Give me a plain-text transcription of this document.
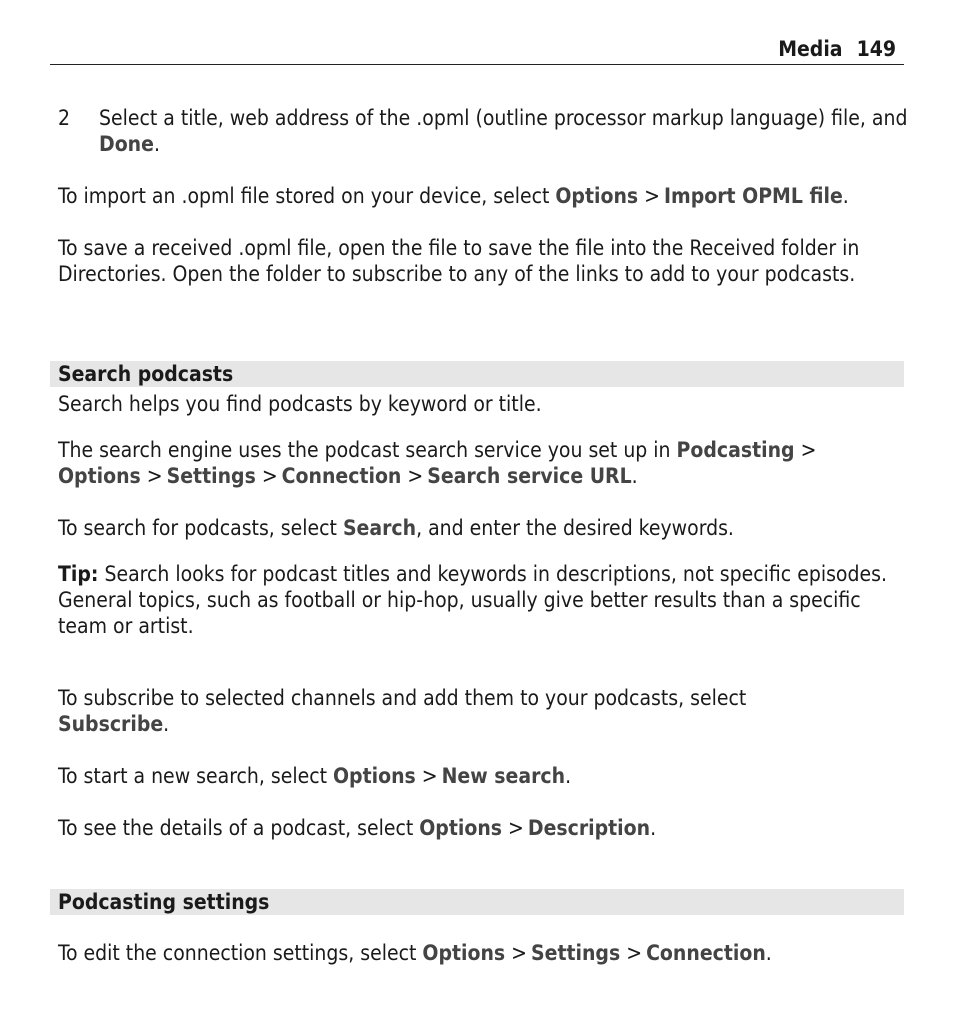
Media 149
2 Select a title, web address of the .opml (outline processor markup language) file, and Done.

To import an .opml file stored on your device, select Options > Import OPML file.

To save a received .opml file, open the file to save the file into the Received folder in Directories. Open the folder to subscribe to any of the links to add to your podcasts.

Search podcasts

Search helps you find podcasts by keyword or title.

The search engine uses the podcast search service you set up in Podcasting >
Options > Settings > Connection > Search service URL.

To search for podcasts, select Search, and enter the desired keywords.

Tip: Search looks for podcast titles and keywords in descriptions, not specific episodes. General topics, such as football or hip-hop, usually give better results than a specific team or artist.

To subscribe to selected channels and add them to your podcasts, select
Subscribe.

To start a new search, select Options > New search.

To see the details of a podcast, select Options > Description.

Podcasting settings

To edit the connection settings, select Options > Settings > Connection.
